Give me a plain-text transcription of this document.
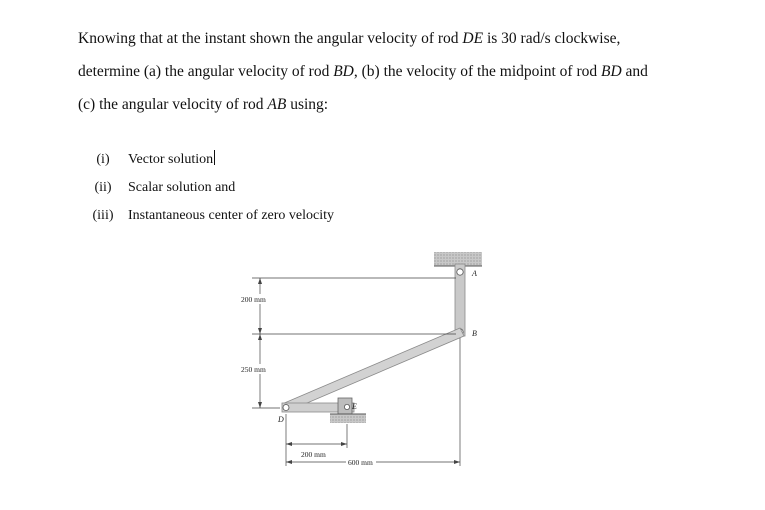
Knowing that at the instant shown the angular velocity of rod DE is 30 rad/s clockwise,

determine (a) the angular velocity of rod BD, (b) the velocity of the midpoint of rod BD and

(c) the angular velocity of rod AB using:

(i)	Vector solution
(ii)	Scalar solution and
(iii)	Instantaneous center of zero velocity
200 mm
250 mm
200 mm
600 mm
A
B
D
E
